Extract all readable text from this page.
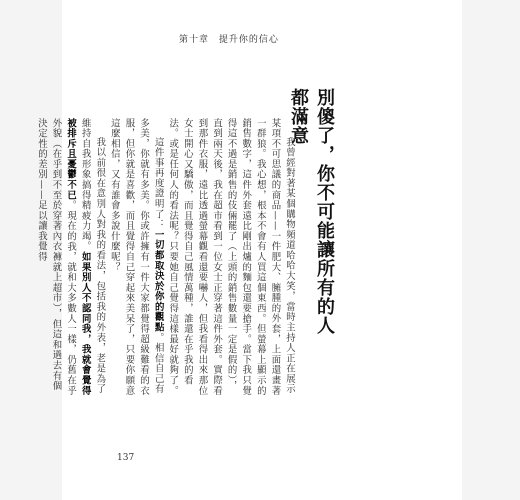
第十章 提升你的信心
別傻了，你不可能讓所有的人都滿意

我曾經對著某個購物頻道哈哈大笑，當時主持人正在展示某項不可思議的商品——一件肥大、臃腫的外套，上面還畫著一群狼。我心想，根本不會有人買這個東西。但螢幕上顯示的銷售數字，這件外套遠比剛出爐的麵包還要搶手。當下我只覺得這不過是銷售的伎倆罷了（上頭的銷售數量一定是假的），直到兩天後，我在超市看到一位女士正穿著這件外套。實際看到那件衣服，遠比透過螢幕觀看還要嚇人，但我看得出來那位女士開心又驕傲，而且覺得自己風情萬種，誰還在乎我的看法。或是任何人的看法呢？只要她自己覺得這樣最好就夠了。

這件事再度證明了：一切都取決於你的觀點。相信自己有多美，你就有多美。你或許擁有一件大家都覺得超級難看的衣服，但你就是喜歡，而且覺得自己穿起來美呆了，只要你願意這麼相信，又有誰會多說什麼呢？

我以前很在意別人對我的看法，包括我的外表，老是為了維持自我形象搞得精疲力竭。如果別人不認同我，我就會覺得被排斥且憂鬱不已。現在的我，就和大多數人一樣，仍舊在乎外貌（在乎到不至於穿著內衣褲就上超市），但這和過去有個決定性的差別——足以讓我覺得

137
